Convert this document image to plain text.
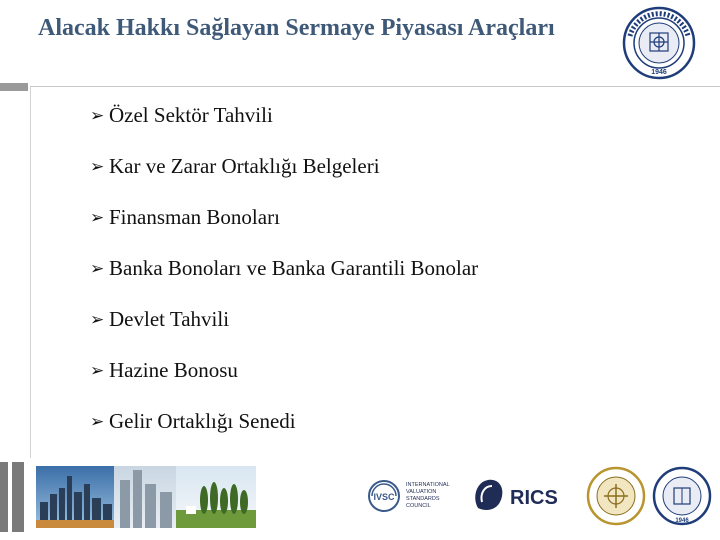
Alacak Hakkı Sağlayan Sermaye Piyasası Araçları
1946
➢ Özel Sektör Tahvili
➢ Kar ve Zarar Ortaklığı Belgeleri
➢ Finansman Bonoları
➢ Banka Bonoları ve Banka Garantili Bonolar
➢ Devlet Tahvili
➢ Hazine Bonosu
➢ Gelir Ortaklığı Senedi
IVSC
INTERNATIONAL
VALUATION
STANDARDS
COUNCIL	RICS
1946
